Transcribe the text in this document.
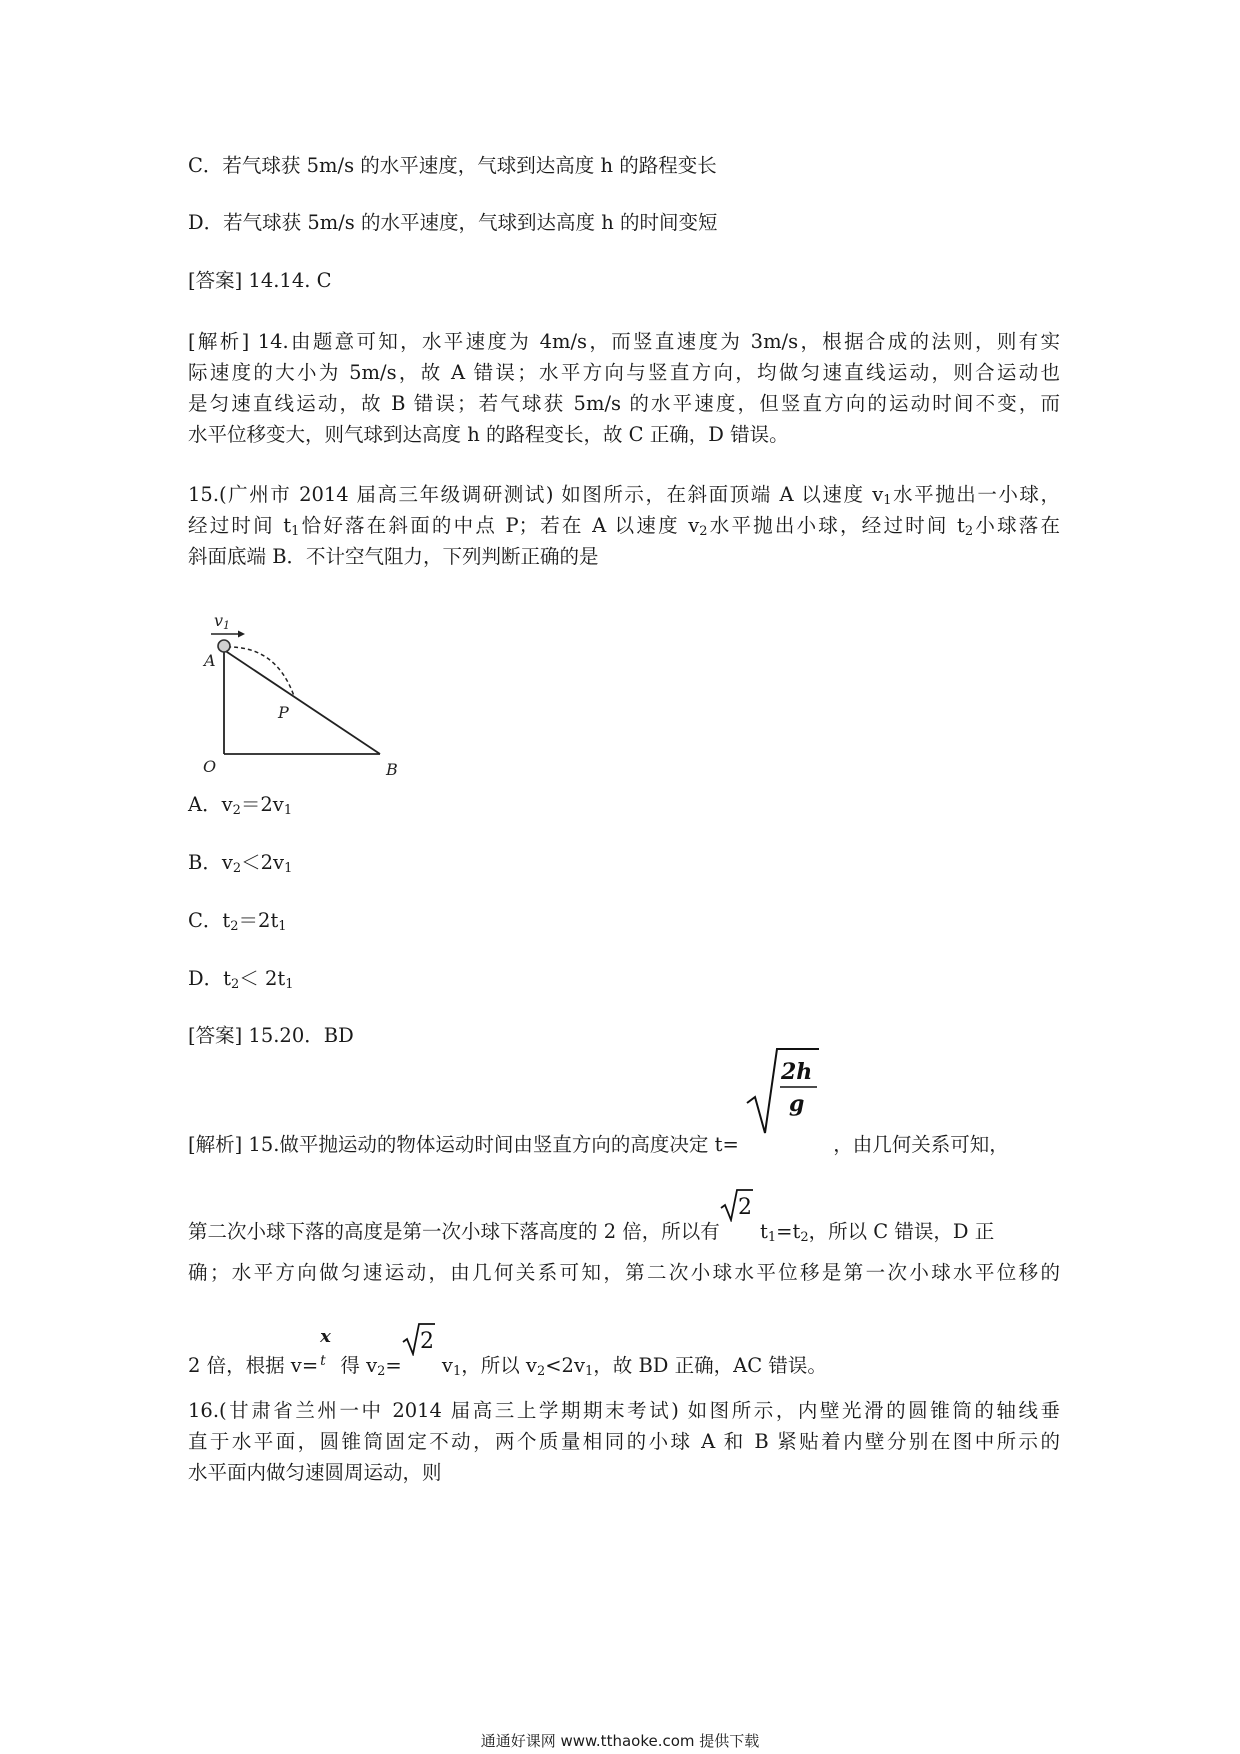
C．若气球获 5m/s 的水平速度，气球到达高度 h 的路程变长
D．若气球获 5m/s 的水平速度，气球到达高度 h 的时间变短
[答案] 14.14. C
[解析] 14.由题意可知，水平速度为 4m/s，而竖直速度为 3m/s，根据合成的法则，则有实
际速度的大小为 5m/s，故 A 错误；水平方向与竖直方向，均做匀速直线运动，则合运动也
是匀速直线运动，故 B 错误；若气球获 5m/s 的水平速度，但竖直方向的运动时间不变，而
水平位移变大，则气球到达高度 h 的路程变长，故 C 正确，D 错误。
15.(广州市 2014 届高三年级调研测试) 如图所示，在斜面顶端 A 以速度 $v_1$水平抛出一小球，
经过时间 $t_1$恰好落在斜面的中点 P；若在 A 以速度 $v_2$水平抛出小球，经过时间 $t_2$小球落在
斜面底端 B．不计空气阻力，下列判断正确的是
v1
A
P
O	B
A．$v_2=2v_1$
B．$v_2<2v_1$
C．$t_2=2t_1$
D．$t_2< 2t_1$
[答案] 15.20．BD
[解析] 15.做平抛运动的物体运动时间由竖直方向的高度决定 t=
2h
g
，由几何关系可知，
第二次小球下落的高度是第一次小球下落高度的 2 倍，所以有
2
$t_1=t_2$，所以 C 错误，D 正
确；水平方向做匀速运动，由几何关系可知，第二次小球水平位移是第一次小球水平位移的
2 倍，根据 v=
x
t 得 $v_2=$
2
$v_1$，所以 $v_2<2v_1$，故 BD 正确，AC 错误。
16.(甘肃省兰州一中 2014 届高三上学期期末考试) 如图所示，内壁光滑的圆锥筒的轴线垂
直于水平面，圆锥筒固定不动，两个质量相同的小球 A 和 B 紧贴着内壁分别在图中所示的
水平面内做匀速圆周运动，则
通通好课网 www.tthaoke.com 提供下载
